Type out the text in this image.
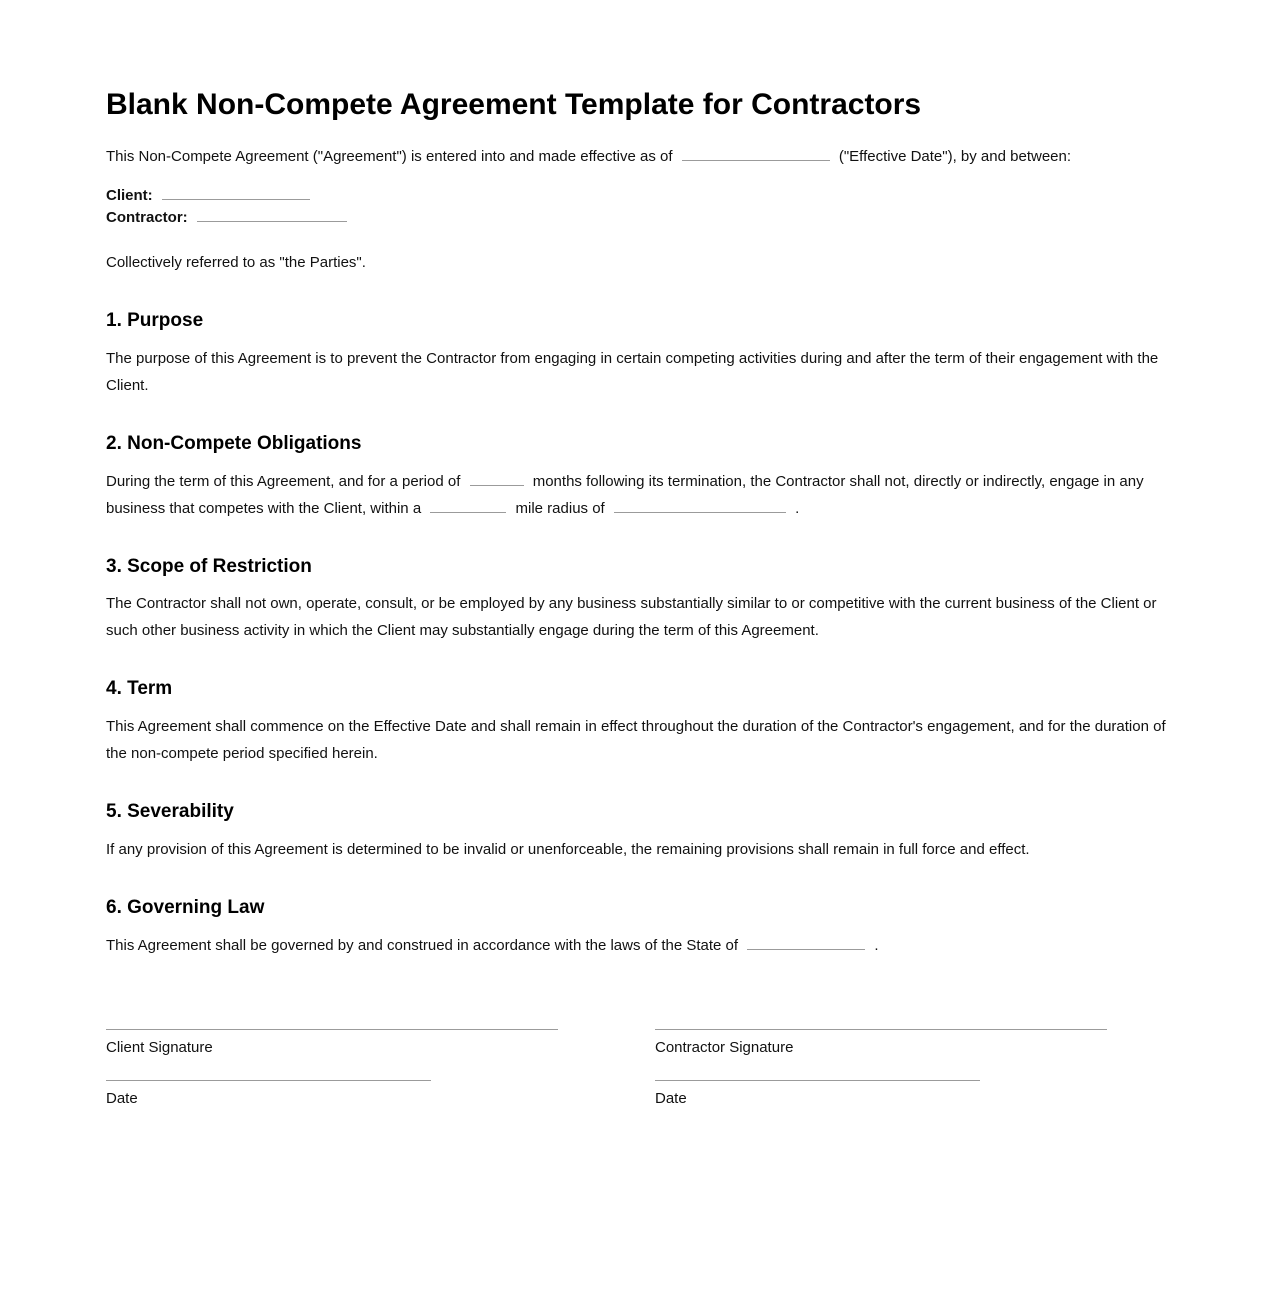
Blank Non-Compete Agreement Template for Contractors

This Non-Compete Agreement ("Agreement") is entered into and made effective as of	("Effective Date"), by and between:

Client:
Contractor:

Collectively referred to as "the Parties".

1. Purpose

The purpose of this Agreement is to prevent the Contractor from engaging in certain competing activities during and after the term of their engagement with the Client.

2. Non-Compete Obligations

During the term of this Agreement, and for a period of	months following its termination, the Contractor shall not, directly or indirectly, engage in any business that competes with the Client, within a	mile radius of	.

3. Scope of Restriction

The Contractor shall not own, operate, consult, or be employed by any business substantially similar to or competitive with the current business of the Client or such other business activity in which the Client may substantially engage during the term of this Agreement.

4. Term

This Agreement shall commence on the Effective Date and shall remain in effect throughout the duration of the Contractor's engagement, and for the duration of the non-compete period specified herein.

5. Severability

If any provision of this Agreement is determined to be invalid or unenforceable, the remaining provisions shall remain in full force and effect.

6. Governing Law

This Agreement shall be governed by and construed in accordance with the laws of the State of	.

Client Signature
Date
Contractor Signature
Date
